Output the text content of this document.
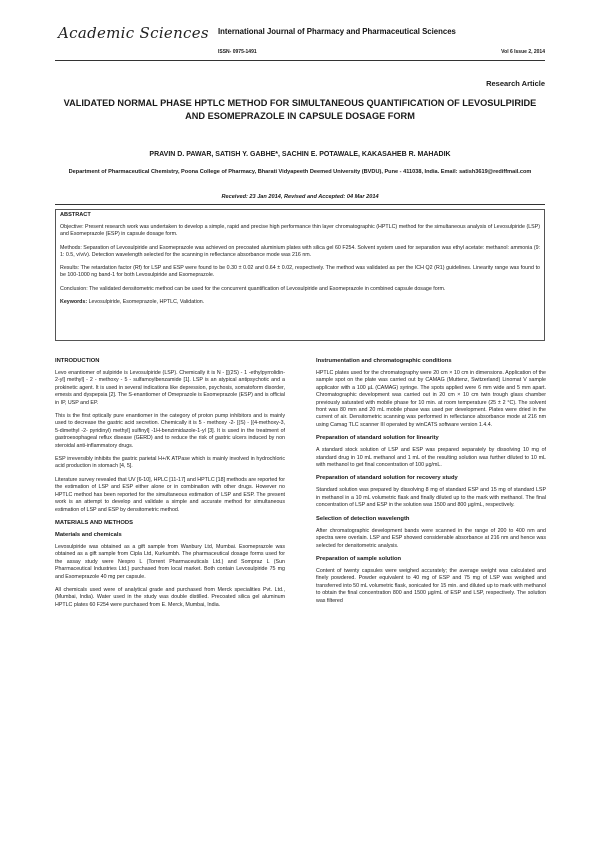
Academic Sciences International Journal of Pharmacy and Pharmaceutical Sciences
ISSN- 0975-1491	Vol 6 Issue 2, 2014
Research Article
VALIDATED NORMAL PHASE HPTLC METHOD FOR SIMULTANEOUS QUANTIFICATION OF LEVOSULPIRIDE AND ESOMEPRAZOLE IN CAPSULE DOSAGE FORM
PRAVIN D. PAWAR, SATISH Y. GABHE*, SACHIN E. POTAWALE, KAKASAHEB R. MAHADIK
Department of Pharmaceutical Chemistry, Poona College of Pharmacy, Bharati Vidyapeeth Deemed University (BVDU), Pune - 411038, India. Email: satish3619@rediffmail.com
Received: 23 Jan 2014, Revised and Accepted: 04 Mar 2014
ABSTRACT

Objective: Present research work was undertaken to develop a simple, rapid and precise high performance thin layer chromatographic (HPTLC) method for the simultaneous analysis of Levosulpiride (LSP) and Esomeprazole (ESP) in capsule dosage form.

Methods: Separation of Levosulpiride and Esomeprazole was achieved on precoated aluminium plates with silica gel 60 F254. Solvent system used for separation was ethyl acetate: methanol: ammonia (9: 1: 0.5, v/v/v). Detection wavelength selected for the scanning in reflectance absorbance mode was 216 nm.

Results: The retardation factor (Rf) for LSP and ESP were found to be 0.30 ± 0.02 and 0.64 ± 0.02, respectively. The method was validated as per the ICH Q2 (R1) guidelines. Linearity range was found to be 100-1000 ng band-1 for both Levosulpiride and Esomeprazole.

Conclusion: The validated densitometric method can be used for the concurrent quantification of Levosulpiride and Esomeprazole in combined capsule dosage form.

Keywords: Levosulpiride, Esomeprazole, HPTLC, Validation.

INTRODUCTION

Levo enantiomer of sulpiride is Levosulpiride (LSP). Chemically it is N - [[(2S) - 1 -ethylpyrrolidin-2-yl] methyl] - 2 - methoxy - 5 - sulfamoylbenzamide [1]. LSP is an atypical antipsychotic and a prokinetic agent. It is used in several indications like depression, psychosis, somatoform disorder, emesis and dyspepsia [2]. The S-enantiomer of Omeprazole is Esomeprazole (ESP) and is official in IP, USP and EP.

This is the first optically pure enantiomer in the category of proton pump inhibitors and is mainly used to decrease the gastric acid secretion. Chemically it is 5 - methoxy -2- [(S) - [(4-methoxy-3, 5-dimethyl -2- pyridinyl) methyl] sulfinyl] -1H-benzimidazole-1-yl [3]. It is used in the treatment of gastroesophageal reflux disease (GERD) and to reduce the risk of gastric ulcers induced by non steroidal anti-inflammatory drugs.

ESP irreversibly inhibits the gastric parietal H+/K ATPase which is mainly involved in hydrochloric acid production in stomach [4, 5].

Literature survey revealed that UV [6-10], HPLC [11-17] and HPTLC [18] methods are reported for the estimation of LSP and ESP either alone or in combination with other drugs. However no HPTLC method has been reported for the simultaneous estimation of LSP and ESP. The present work is an attempt to develop and validate a simple and accurate method for simultaneous estimation of LSP and ESP by densitometric method.

MATERIALS AND METHODS
Materials and chemicals

Levosulpiride was obtained as a gift sample from Wanbury Ltd, Mumbai. Esomeprazole was obtained as a gift sample from Cipla Ltd, Kurkumbh. The pharmaceutical dosage forms used for the assay study were Nexpro L (Torrent Pharmaceuticals Ltd.) and Sompraz L (Sun Pharmaceutical Industries Ltd.) purchased from local market. Both contain Levosulpiride 75 mg and Esomeprazole 40 mg per capsule.

All chemicals used were of analytical grade and purchased from Merck specialities Pvt. Ltd., (Mumbai, India). Water used in the study was double distilled. Precoated silica gel aluminum HPTLC plates 60 F254 were purchased from E. Merck, Mumbai, India.

Instrumentation and chromatographic conditions

HPTLC plates used for the chromatography were 20 cm × 10 cm in dimensions. Application of the sample spot on the plate was carried out by CAMAG (Muttenz, Switzerland) Linomat V sample applicator with a 100 µL (CAMAG) syringe. The spots applied were 6 mm wide and 5 mm apart. Chromatographic development was carried out in 20 cm × 10 cm twin trough glass chamber previously saturated with mobile phase for 10 min. at room temperature (25 ± 2 °C). The solvent front was 80 mm and 20 mL mobile phase was used per development. Plates were dried in the current of air. Densitometric scanning was performed in reflectance absorbance mode at 216 nm using Camag TLC scanner III operated by winCATS software version 1.4.4.

Preparation of standard solution for linearity

A standard stock solution of LSP and ESP was prepared separately by dissolving 10 mg of standard drug in 10 mL methanol and 1 mL of the resulting solution was further diluted to 10 mL with methanol to get final concentration of 100 µg/mL.

Preparation of standard solution for recovery study

Standard solution was prepared by dissolving 8 mg of standard ESP and 15 mg of standard LSP in methanol in a 10 mL volumetric flask and finally diluted up to the mark with methanol. The final concentration of LSP and ESP in the solution was 1500 and 800 µg/mL, respectively.

Selection of detection wavelength

After chromatographic development bands were scanned in the range of 200 to 400 nm and spectra were overlain. LSP and ESP showed considerable absorbance at 216 nm and hence was selected for densitometric analysis.

Preparation of sample solution

Content of twenty capsules were weighed accurately; the average weight was calculated and finely powdered. Powder equivalent to 40 mg of ESP and 75 mg of LSP was weighed and transferred into 50 mL volumetric flask, sonicated for 15 min. and diluted up to mark with methanol to obtain the final concentration 800 and 1500 µg/mL of ESP and LSP, respectively. The solution was filtered
